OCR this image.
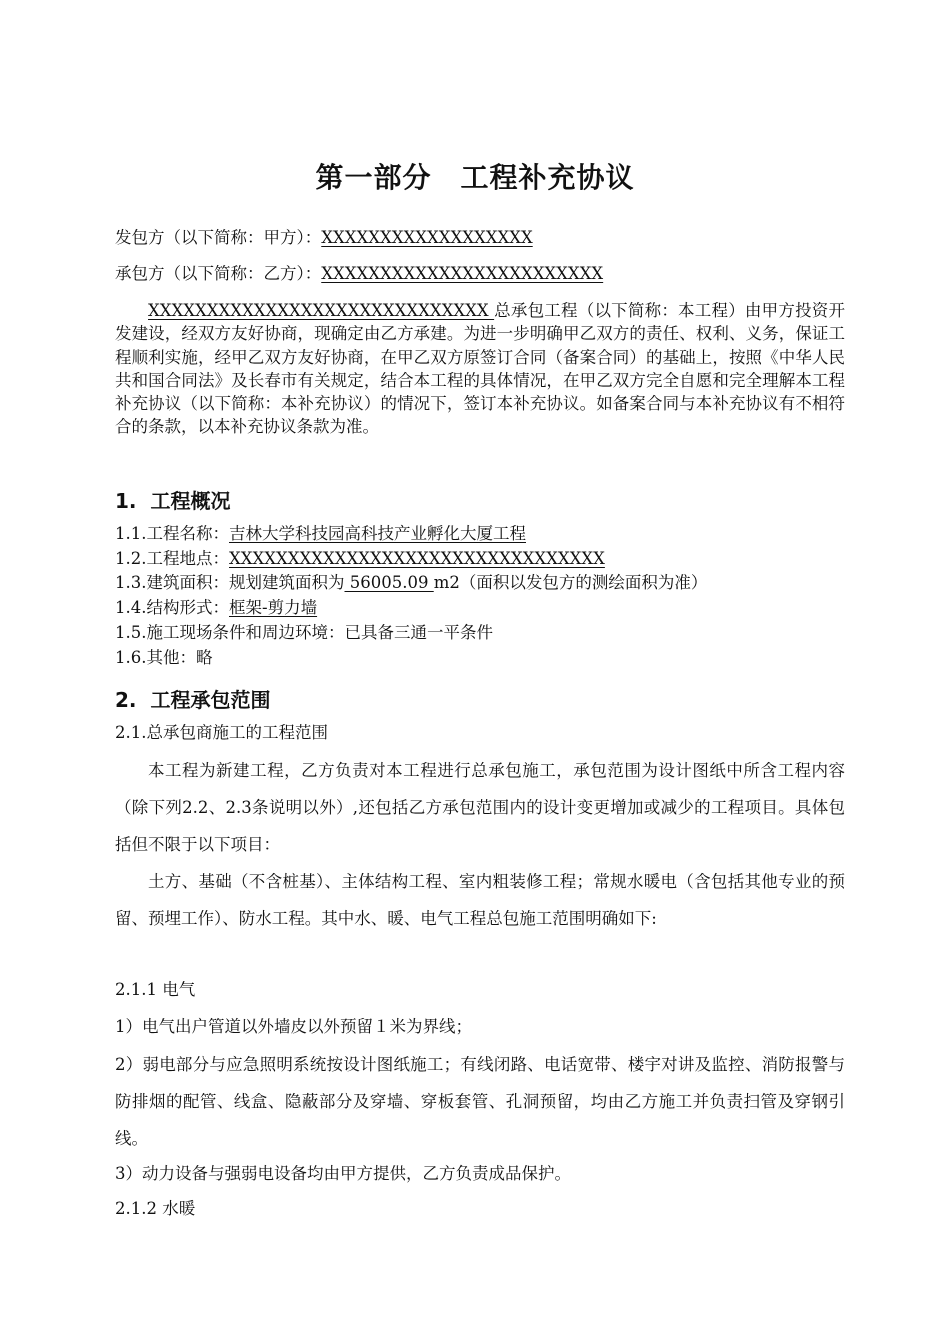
第一部分　工程补充协议

发包方（以下简称：甲方）：XXXXXXXXXXXXXXXXXX

承包方（以下简称：乙方）：XXXXXXXXXXXXXXXXXXXXXXXX

XXXXXXXXXXXXXXXXXXXXXXXXXXXXX 总承包工程（以下简称：本工程）由甲方投资开发建设，经双方友好协商，现确定由乙方承建。为进一步明确甲乙双方的责任、权利、义务，保证工程顺利实施，经甲乙双方友好协商，在甲乙双方原签订合同（备案合同）的基础上，按照《中华人民共和国合同法》及长春市有关规定，结合本工程的具体情况，在甲乙双方完全自愿和完全理解本工程补充协议（以下简称：本补充协议）的情况下，签订本补充协议。如备案合同与本补充协议有不相符合的条款，以本补充协议条款为准。

1.  工程概况

1.1.工程名称：吉林大学科技园高科技产业孵化大厦工程

1.2.工程地点：XXXXXXXXXXXXXXXXXXXXXXXXXXXXXXXX

1.3.建筑面积：规划建筑面积为 56005.09 m2（面积以发包方的测绘面积为准）

1.4.结构形式：框架-剪力墙

1.5.施工现场条件和周边环境：已具备三通一平条件

1.6.其他：略

2.  工程承包范围

2.1.总承包商施工的工程范围

本工程为新建工程，乙方负责对本工程进行总承包施工，承包范围为设计图纸中所含工程内容（除下列2.2、2.3条说明以外）,还包括乙方承包范围内的设计变更增加或减少的工程项目。具体包括但不限于以下项目：

土方、基础（不含桩基）、主体结构工程、室内粗装修工程；常规水暖电（含包括其他专业的预留、预埋工作）、防水工程。其中水、暖、电气工程总包施工范围明确如下:

2.1.1 电气

1）电气出户管道以外墙皮以外预留１米为界线；

2）弱电部分与应急照明系统按设计图纸施工；有线闭路、电话宽带、楼宇对讲及监控、消防报警与防排烟的配管、线盒、隐蔽部分及穿墙、穿板套管、孔洞预留，均由乙方施工并负责扫管及穿钢引线。

3）动力设备与强弱电设备均由甲方提供，乙方负责成品保护。

2.1.2 水暖
